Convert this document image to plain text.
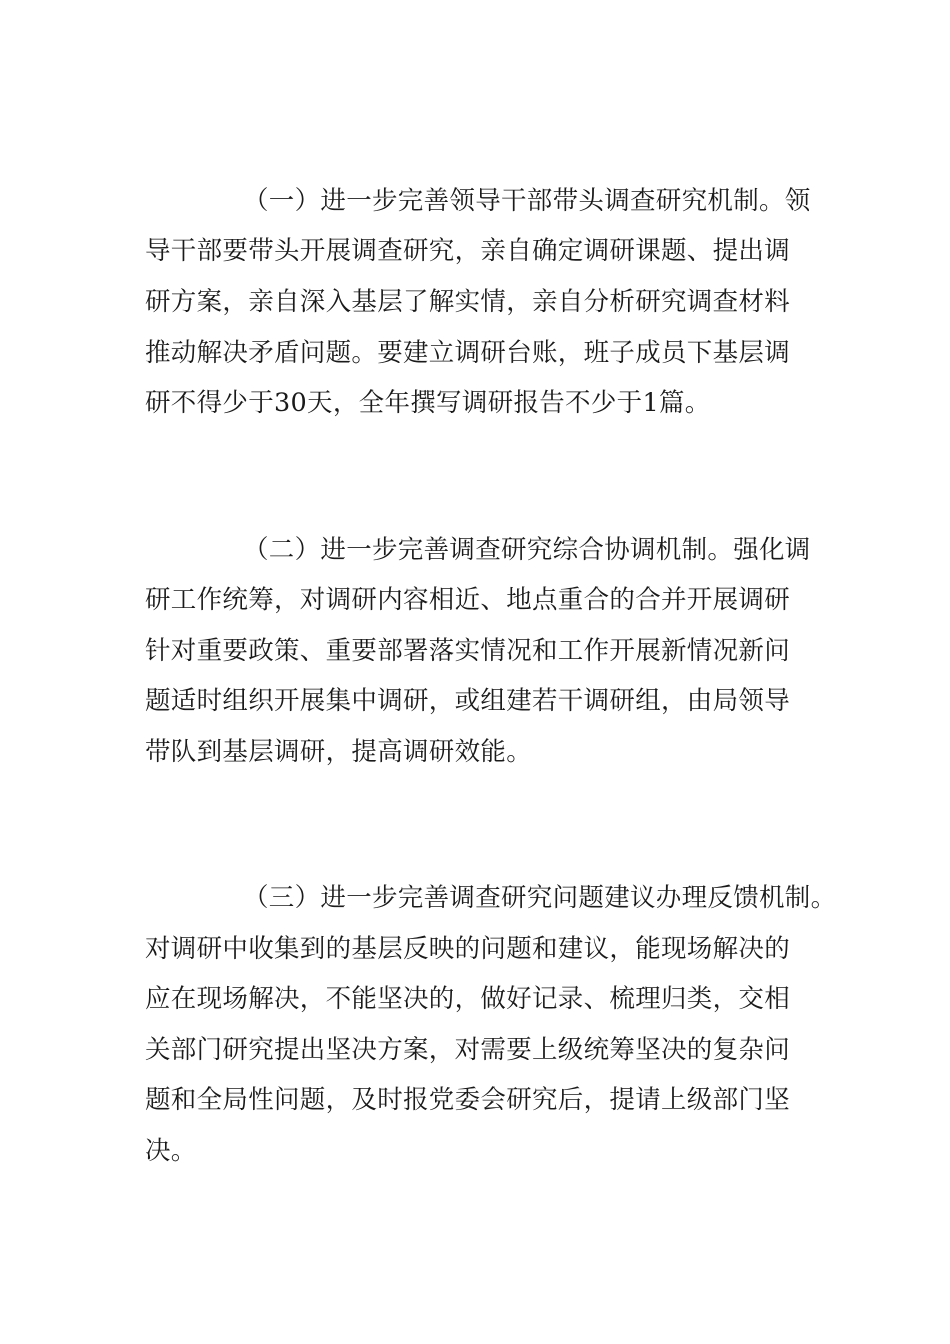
（一）进一步完善领导干部带头调查研究机制。领
导干部要带头开展调查研究，亲自确定调研课题、提出调
研方案，亲自深入基层了解实情，亲自分析研究调查材料
推动解决矛盾问题。要建立调研台账，班子成员下基层调
研不得少于30天，全年撰写调研报告不少于1篇。
（二）进一步完善调查研究综合协调机制。强化调
研工作统筹，对调研内容相近、地点重合的合并开展调研
针对重要政策、重要部署落实情况和工作开展新情况新问
题适时组织开展集中调研，或组建若干调研组，由局领导
带队到基层调研，提高调研效能。
（三）进一步完善调查研究问题建议办理反馈机制。
对调研中收集到的基层反映的问题和建议，能现场解决的
应在现场解决，不能坚决的，做好记录、梳理归类，交相
关部门研究提出坚决方案，对需要上级统筹坚决的复杂问
题和全局性问题，及时报党委会研究后，提请上级部门坚
决。
